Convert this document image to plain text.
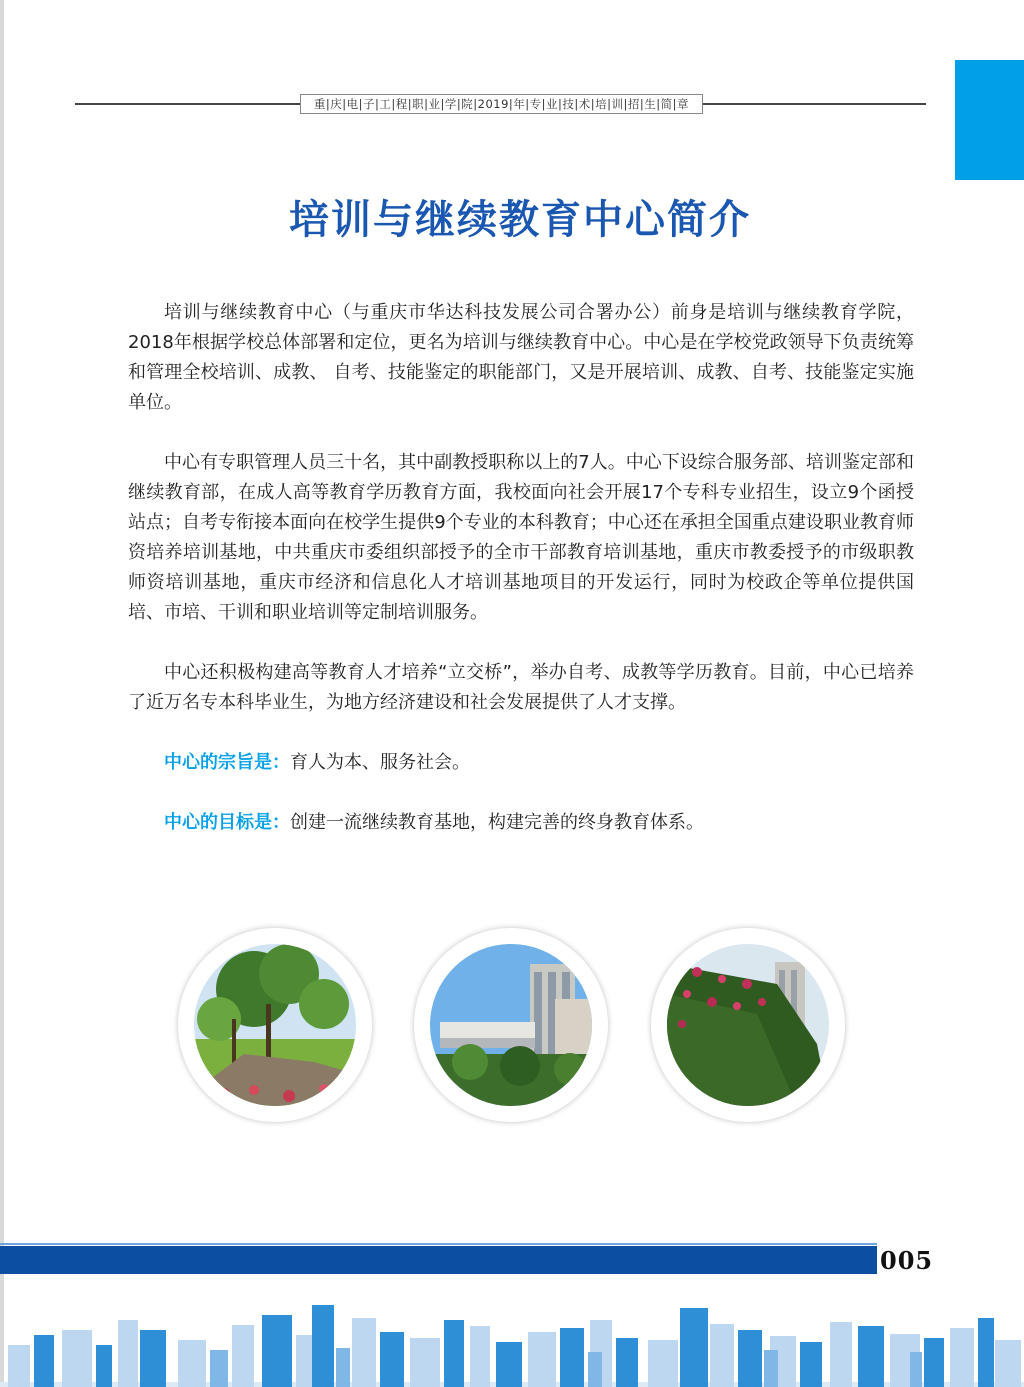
重|庆|电|子|工|程|职|业|学|院|2019|年|专|业|技|术|培|训|招|生|简|章
培训与继续教育中心简介

培训与继续教育中心（与重庆市华达科技发展公司合署办公）前身是培训与继续教育学院，2018年根据学校总体部署和定位，更名为培训与继续教育中心。中心是在学校党政领导下负责统筹和管理全校培训、成教、 自考、技能鉴定的职能部门，又是开展培训、成教、自考、技能鉴定实施单位。

中心有专职管理人员三十名，其中副教授职称以上的7人。中心下设综合服务部、培训鉴定部和继续教育部，在成人高等教育学历教育方面，我校面向社会开展17个专科专业招生，设立9个函授站点；自考专衔接本面向在校学生提供9个专业的本科教育；中心还在承担全国重点建设职业教育师资培养培训基地，中共重庆市委组织部授予的全市干部教育培训基地，重庆市教委授予的市级职教师资培训基地，重庆市经济和信息化人才培训基地项目的开发运行，同时为校政企等单位提供国培、市培、干训和职业培训等定制培训服务。

中心还积极构建高等教育人才培养“立交桥”，举办自考、成教等学历教育。目前，中心已培养了近万名专本科毕业生，为地方经济建设和社会发展提供了人才支撑。

中心的宗旨是：育人为本、服务社会。

中心的目标是：创建一流继续教育基地，构建完善的终身教育体系。

005
